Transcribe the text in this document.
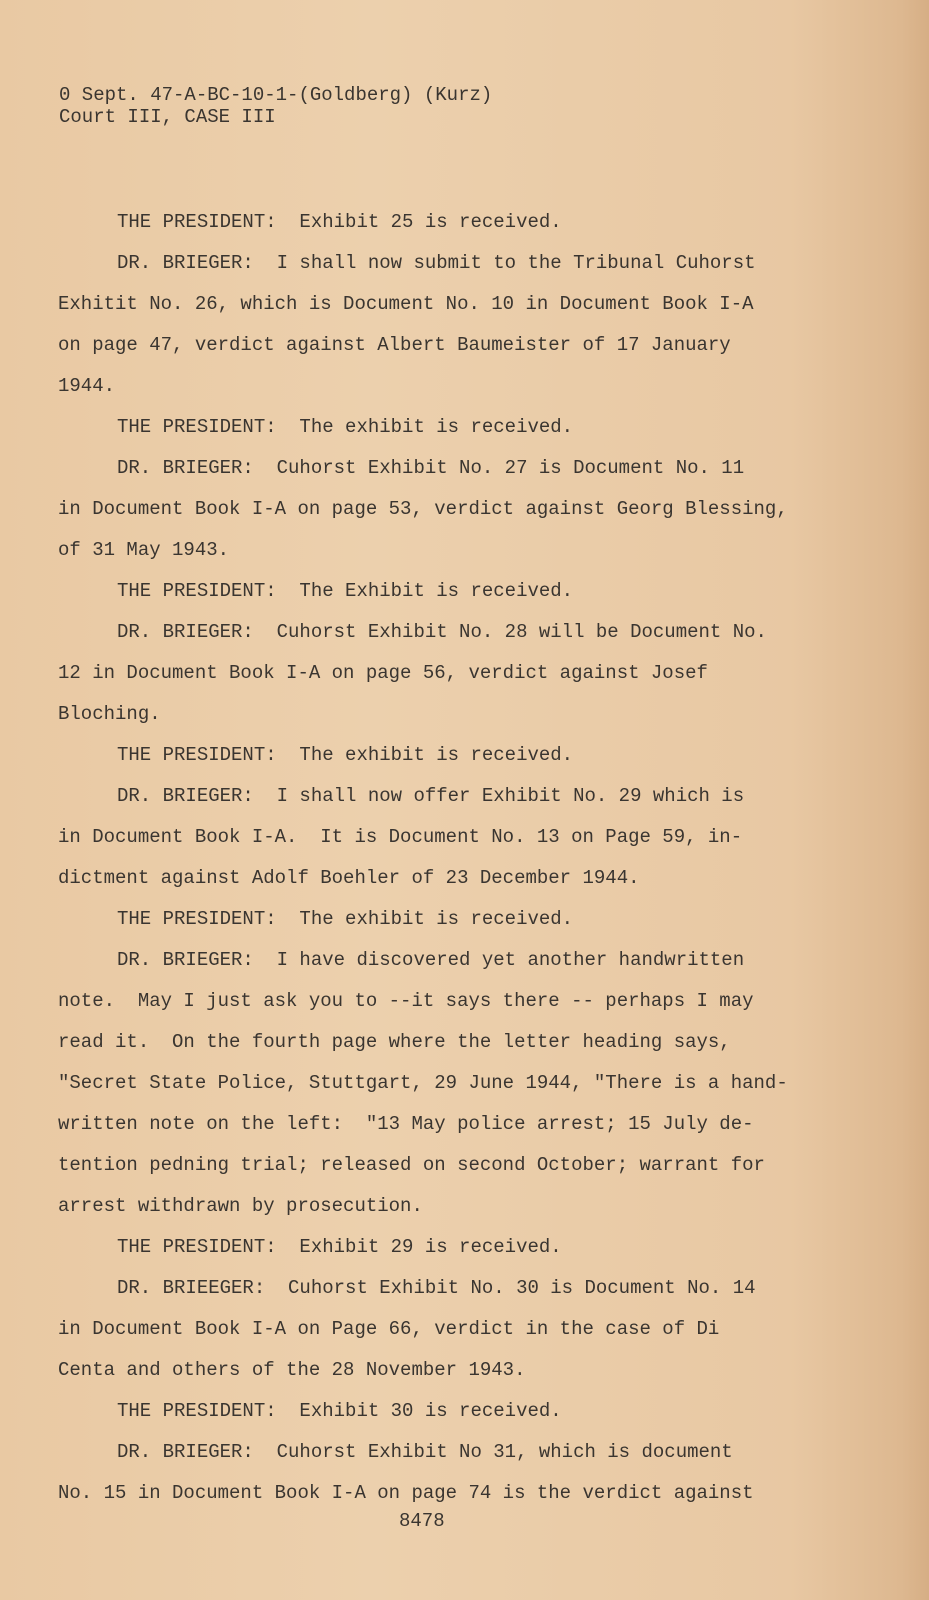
0 Sept. 47-A-BC-10-1-(Goldberg) (Kurz)
Court III, CASE III
THE PRESIDENT:  Exhibit 25 is received.
DR. BRIEGER:  I shall now submit to the Tribunal Cuhorst
Exhitit No. 26, which is Document No. 10 in Document Book I-A
on page 47, verdict against Albert Baumeister of 17 January
1944.
THE PRESIDENT:  The exhibit is received.
DR. BRIEGER:  Cuhorst Exhibit No. 27 is Document No. 11
in Document Book I-A on page 53, verdict against Georg Blessing,
of 31 May 1943.
THE PRESIDENT:  The Exhibit is received.
DR. BRIEGER:  Cuhorst Exhibit No. 28 will be Document No.
12 in Document Book I-A on page 56, verdict against Josef
Bloching.
THE PRESIDENT:  The exhibit is received.
DR. BRIEGER:  I shall now offer Exhibit No. 29 which is
in Document Book I-A.  It is Document No. 13 on Page 59, in-
dictment against Adolf Boehler of 23 December 1944.
THE PRESIDENT:  The exhibit is received.
DR. BRIEGER:  I have discovered yet another handwritten
note.  May I just ask you to --it says there -- perhaps I may
read it.  On the fourth page where the letter heading says,
"Secret State Police, Stuttgart, 29 June 1944, "There is a hand-
written note on the left:  "13 May police arrest; 15 July de-
tention pedning trial; released on second October; warrant for
arrest withdrawn by prosecution.
THE PRESIDENT:  Exhibit 29 is received.
DR. BRIEEGER:  Cuhorst Exhibit No. 30 is Document No. 14
in Document Book I-A on Page 66, verdict in the case of Di
Centa and others of the 28 November 1943.
THE PRESIDENT:  Exhibit 30 is received.
DR. BRIEGER:  Cuhorst Exhibit No 31, which is document
No. 15 in Document Book I-A on page 74 is the verdict against
8478
